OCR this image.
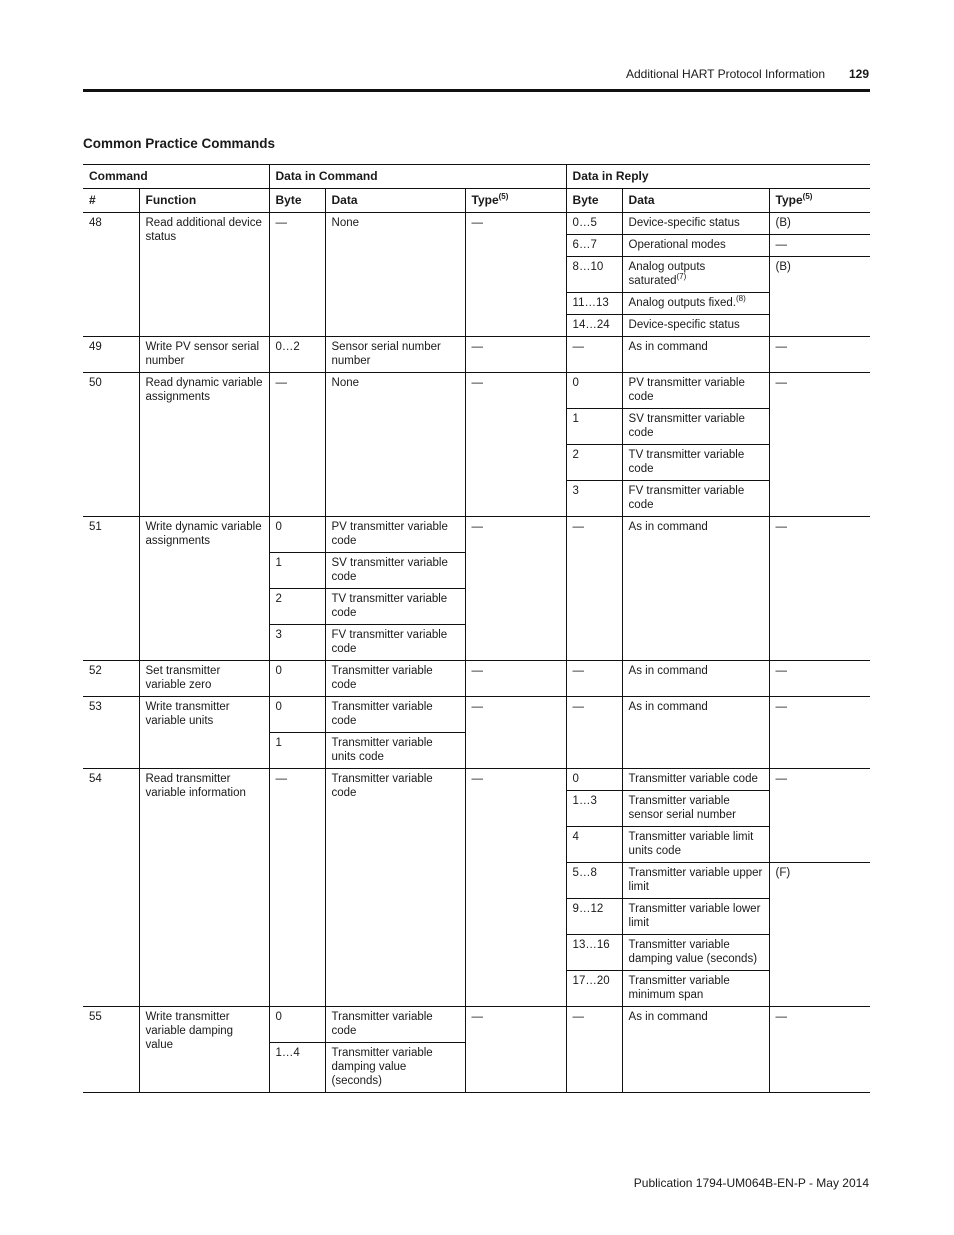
Additional HART Protocol Information 129
Common Practice Commands
Command		Data in Command			Data in Reply		
#	Function	Byte	Data	Type$^{(5)}$	Byte	Data	Type$^{(5)}$
48	Read additional device status	—	None	—	0…5	Device-specific status	(B)
					6…7	Operational modes	—
					8…10	Analog outputs saturated$^{(7)}$	(B)
					11…13	Analog outputs fixed.$^{(8)}$
					14…24	Device-specific status	
49	Write PV sensor serial number	0…2	Sensor serial number number	—	—	As in command	—
50	Read dynamic variable assignments	—	None	—	0	PV transmitter variable code	—
					1	SV transmitter variable code	
					2	TV transmitter variable code	
					3	FV transmitter variable code	
51	Write dynamic variable assignments	0	PV transmitter variable code	—	—	As in command	—
		1	SV transmitter variable code				
		2	TV transmitter variable code				
		3	FV transmitter variable code				
52	Set transmitter variable zero	0	Transmitter variable code	—	—	As in command	—
53	Write transmitter variable units	0	Transmitter variable code	—	—	As in command	—
		1	Transmitter variable units code				
54	Read transmitter variable information	—	Transmitter variable code	—	0	Transmitter variable code	—
					1…3	Transmitter variable sensor serial number	
					4	Transmitter variable limit units code	
					5…8	Transmitter variable upper limit	(F)
					9…12	Transmitter variable lower limit	
					13…16	Transmitter variable damping value (seconds)	
					17…20	Transmitter variable minimum span	
55	Write transmitter variable damping value	0	Transmitter variable code	—	—	As in command	—
		1…4	Transmitter variable damping value (seconds)				
Publication 1794-UM064B-EN-P - May 2014
